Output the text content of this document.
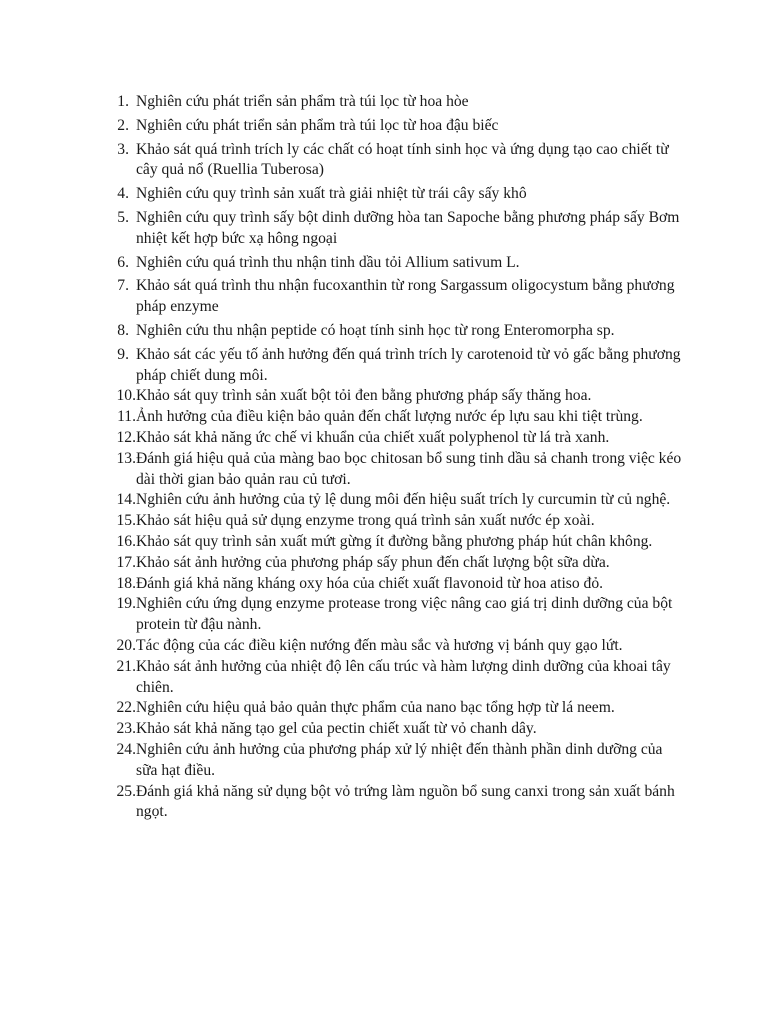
1. Nghiên cứu phát triển sản phẩm trà túi lọc từ hoa hòe
2. Nghiên cứu phát triển sản phẩm trà túi lọc từ hoa đậu biếc
3. Khảo sát quá trình trích ly các chất có hoạt tính sinh học và ứng dụng tạo cao chiết từ cây quả nổ (Ruellia Tuberosa)
4. Nghiên cứu quy trình sản xuất trà giải nhiệt từ trái cây sấy khô
5. Nghiên cứu quy trình sấy bột dinh dưỡng hòa tan Sapoche bằng phương pháp sấy Bơm nhiệt kết hợp bức xạ hông ngoại
6. Nghiên cứu quá trình thu nhận tinh dầu tỏi Allium sativum L.
7. Khảo sát quá trình thu nhận fucoxanthin từ rong Sargassum oligocystum bằng phương pháp enzyme
8. Nghiên cứu thu nhận peptide có hoạt tính sinh học từ rong Enteromorpha sp.
9. Khảo sát các yếu tố ảnh hưởng đến quá trình trích ly carotenoid từ vỏ gấc bằng phương pháp chiết dung môi.
10. Khảo sát quy trình sản xuất bột tỏi đen bằng phương pháp sấy thăng hoa.
11. Ảnh hưởng của điều kiện bảo quản đến chất lượng nước ép lựu sau khi tiệt trùng.
12. Khảo sát khả năng ức chế vi khuẩn của chiết xuất polyphenol từ lá trà xanh.
13. Đánh giá hiệu quả của màng bao bọc chitosan bổ sung tinh dầu sả chanh trong việc kéo dài thời gian bảo quản rau củ tươi.
14. Nghiên cứu ảnh hưởng của tỷ lệ dung môi đến hiệu suất trích ly curcumin từ củ nghệ.
15. Khảo sát hiệu quả sử dụng enzyme trong quá trình sản xuất nước ép xoài.
16. Khảo sát quy trình sản xuất mứt gừng ít đường bằng phương pháp hút chân không.
17. Khảo sát ảnh hưởng của phương pháp sấy phun đến chất lượng bột sữa dừa.
18. Đánh giá khả năng kháng oxy hóa của chiết xuất flavonoid từ hoa atiso đỏ.
19. Nghiên cứu ứng dụng enzyme protease trong việc nâng cao giá trị dinh dưỡng của bột protein từ đậu nành.
20. Tác động của các điều kiện nướng đến màu sắc và hương vị bánh quy gạo lứt.
21. Khảo sát ảnh hưởng của nhiệt độ lên cấu trúc và hàm lượng dinh dưỡng của khoai tây chiên.
22. Nghiên cứu hiệu quả bảo quản thực phẩm của nano bạc tổng hợp từ lá neem.
23. Khảo sát khả năng tạo gel của pectin chiết xuất từ vỏ chanh dây.
24. Nghiên cứu ảnh hưởng của phương pháp xử lý nhiệt đến thành phần dinh dưỡng của sữa hạt điều.
25. Đánh giá khả năng sử dụng bột vỏ trứng làm nguồn bổ sung canxi trong sản xuất bánh ngọt.
